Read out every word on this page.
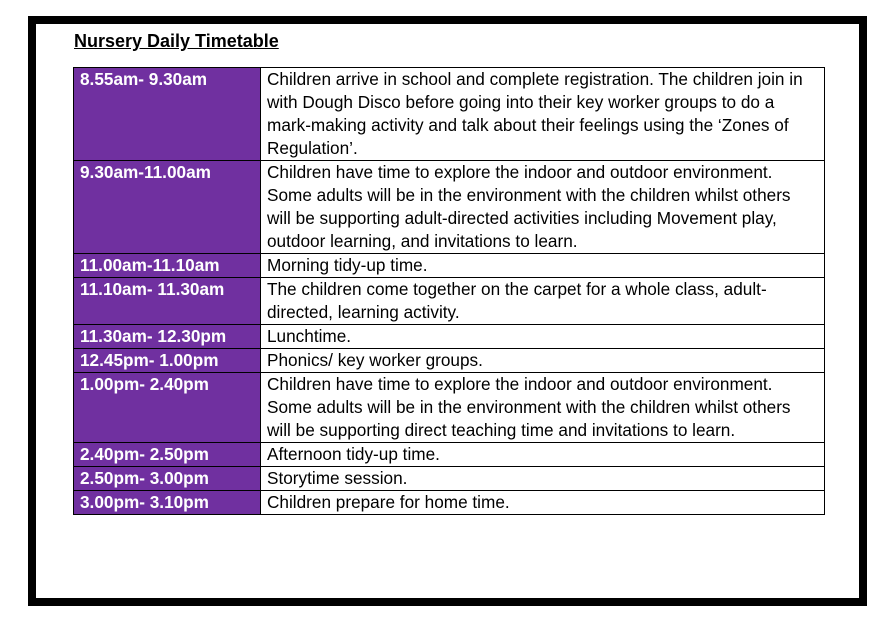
Nursery Daily Timetable
8.55am- 9.30am	Children arrive in school and complete registration. The children join in with Dough Disco before going into their key worker groups to do a mark-making activity and talk about their feelings using the ‘Zones of Regulation’.
9.30am-11.00am	Children have time to explore the indoor and outdoor environment. Some adults will be in the environment with the children whilst others will be supporting adult-directed activities including Movement play, outdoor learning, and invitations to learn.
11.00am-11.10am	Morning tidy-up time.
11.10am- 11.30am	The children come together on the carpet for a whole class, adult-directed, learning activity.
11.30am- 12.30pm	Lunchtime.
12.45pm- 1.00pm	Phonics/ key worker groups.
1.00pm- 2.40pm	Children have time to explore the indoor and outdoor environment. Some adults will be in the environment with the children whilst others will be supporting direct teaching time and invitations to learn.
2.40pm- 2.50pm	Afternoon tidy-up time.
2.50pm- 3.00pm	Storytime session.
3.00pm- 3.10pm	Children prepare for home time.
